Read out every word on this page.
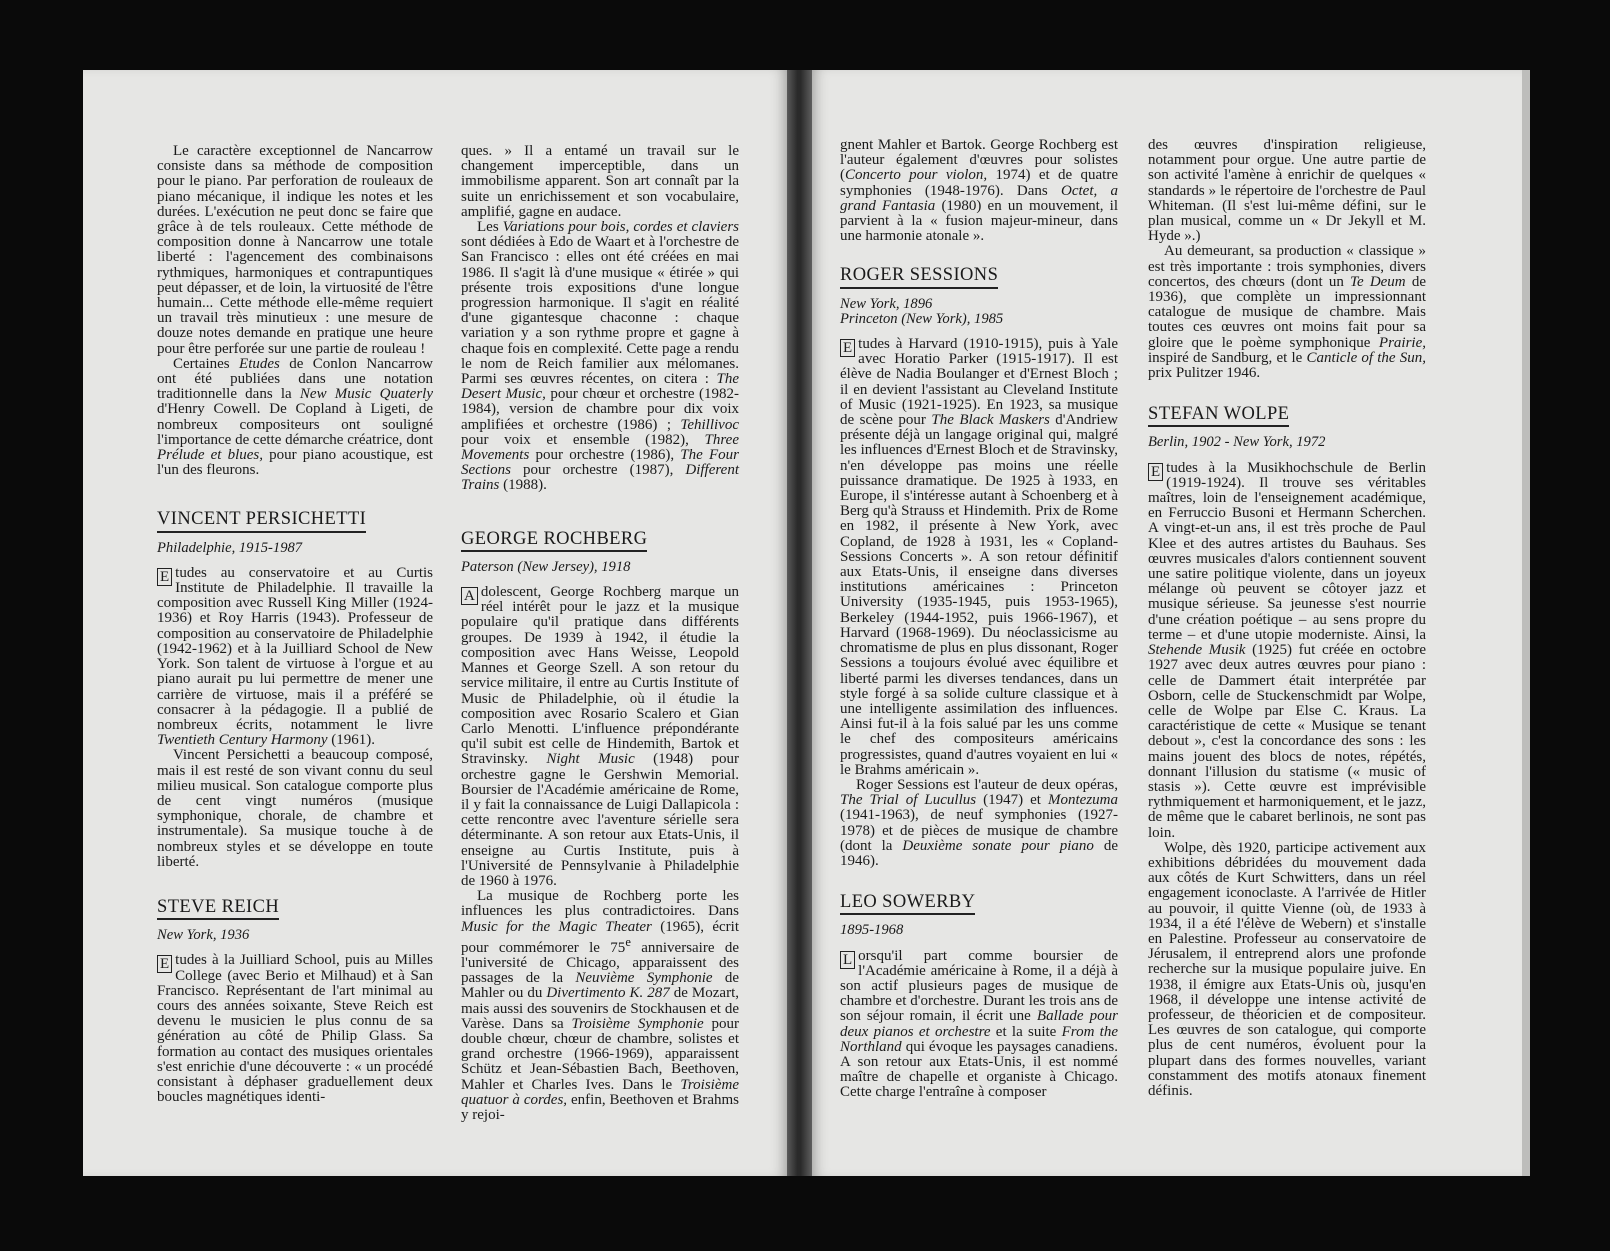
Le caractère exceptionnel de Nancarrow consiste dans sa méthode de composition pour le piano. Par perforation de rouleaux de piano mécanique, il indique les notes et les durées. L'exécution ne peut donc se faire que grâce à de tels rouleaux. Cette méthode de composition donne à Nancarrow une totale liberté : l'agencement des combinaisons rythmiques, harmoniques et contrapuntiques peut dépasser, et de loin, la virtuosité de l'être humain... Cette méthode elle-même requiert un travail très minutieux : une mesure de douze notes demande en pratique une heure pour être perforée sur une partie de rouleau !

Certaines Etudes de Conlon Nancarrow ont été publiées dans une notation traditionnelle dans la New Music Quaterly d'Henry Cowell. De Copland à Ligeti, de nombreux compositeurs ont souligné l'importance de cette démarche créatrice, dont Prélude et blues, pour piano acoustique, est l'un des fleurons.

VINCENT PERSICHETTI
Philadelphie, 1915-1987

E tudes au conservatoire et au Curtis Institute de Philadelphie. Il travaille la composition avec Russell King Miller (1924-1936) et Roy Harris (1943). Professeur de composition au conservatoire de Philadelphie (1942-1962) et à la Juilliard School de New York. Son talent de virtuose à l'orgue et au piano aurait pu lui permettre de mener une carrière de virtuose, mais il a préféré se consacrer à la pédagogie. Il a publié de nombreux écrits, notamment le livre Twentieth Century Harmony (1961).

Vincent Persichetti a beaucoup composé, mais il est resté de son vivant connu du seul milieu musical. Son catalogue comporte plus de cent vingt numéros (musique symphonique, chorale, de chambre et instrumentale). Sa musique touche à de nombreux styles et se développe en toute liberté.

STEVE REICH
New York, 1936

E tudes à la Juilliard School, puis au Milles College (avec Berio et Milhaud) et à San Francisco. Représentant de l'art minimal au cours des années soixante, Steve Reich est devenu le musicien le plus connu de sa génération au côté de Philip Glass. Sa formation au contact des musiques orientales s'est enrichie d'une découverte : « un procédé consistant à déphaser graduellement deux boucles magnétiques identi-

ques. » Il a entamé un travail sur le changement imperceptible, dans un immobilisme apparent. Son art connaît par la suite un enrichissement et son vocabulaire, amplifié, gagne en audace.

Les Variations pour bois, cordes et claviers sont dédiées à Edo de Waart et à l'orchestre de San Francisco : elles ont été créées en mai 1986. Il s'agit là d'une musique « étirée » qui présente trois expositions d'une longue progression harmonique. Il s'agit en réalité d'une gigantesque chaconne : chaque variation y a son rythme propre et gagne à chaque fois en complexité. Cette page a rendu le nom de Reich familier aux mélomanes. Parmi ses œuvres récentes, on citera : The Desert Music, pour chœur et orchestre (1982-1984), version de chambre pour dix voix amplifiées et orchestre (1986) ; Tehillivoc pour voix et ensemble (1982), Three Movements pour orchestre (1986), The Four Sections pour orchestre (1987), Different Trains (1988).

GEORGE ROCHBERG
Paterson (New Jersey), 1918

A dolescent, George Rochberg marque un réel intérêt pour le jazz et la musique populaire qu'il pratique dans différents groupes. De 1939 à 1942, il étudie la composition avec Hans Weisse, Leopold Mannes et George Szell. A son retour du service militaire, il entre au Curtis Institute of Music de Philadelphie, où il étudie la composition avec Rosario Scalero et Gian Carlo Menotti. L'influence prépondérante qu'il subit est celle de Hindemith, Bartok et Stravinsky. Night Music (1948) pour orchestre gagne le Gershwin Memorial. Boursier de l'Académie américaine de Rome, il y fait la connaissance de Luigi Dallapicola : cette rencontre avec l'aventure sérielle sera déterminante. A son retour aux Etats-Unis, il enseigne au Curtis Institute, puis à l'Université de Pennsylvanie à Philadelphie de 1960 à 1976.

La musique de Rochberg porte les influences les plus contradictoires. Dans Music for the Magic Theater (1965), écrit pour commémorer le 75e anniversaire de l'université de Chicago, apparaissent des passages de la Neuvième Symphonie de Mahler ou du Divertimento K. 287 de Mozart, mais aussi des souvenirs de Stockhausen et de Varèse. Dans sa Troisième Symphonie pour double chœur, chœur de chambre, solistes et grand orchestre (1966-1969), apparaissent Schütz et Jean-Sébastien Bach, Beethoven, Mahler et Charles Ives. Dans le Troisième quatuor à cordes, enfin, Beethoven et Brahms y rejoi-

gnent Mahler et Bartok. George Rochberg est l'auteur également d'œuvres pour solistes (Concerto pour violon, 1974) et de quatre symphonies (1948-1976). Dans Octet, a grand Fantasia (1980) en un mouvement, il parvient à la « fusion majeur-mineur, dans une harmonie atonale ».

ROGER SESSIONS
New York, 1896
Princeton (New York), 1985

E tudes à Harvard (1910-1915), puis à Yale avec Horatio Parker (1915-1917). Il est élève de Nadia Boulanger et d'Ernest Bloch ; il en devient l'assistant au Cleveland Institute of Music (1921-1925). En 1923, sa musique de scène pour The Black Maskers d'Andriew présente déjà un langage original qui, malgré les influences d'Ernest Bloch et de Stravinsky, n'en développe pas moins une réelle puissance dramatique. De 1925 à 1933, en Europe, il s'intéresse autant à Schoenberg et à Berg qu'à Strauss et Hindemith. Prix de Rome en 1982, il présente à New York, avec Copland, de 1928 à 1931, les « Copland-Sessions Concerts ». A son retour définitif aux Etats-Unis, il enseigne dans diverses institutions américaines : Princeton University (1935-1945, puis 1953-1965), Berkeley (1944-1952, puis 1966-1967), et Harvard (1968-1969). Du néoclassicisme au chromatisme de plus en plus dissonant, Roger Sessions a toujours évolué avec équilibre et liberté parmi les diverses tendances, dans un style forgé à sa solide culture classique et à une intelligente assimilation des influences. Ainsi fut-il à la fois salué par les uns comme le chef des compositeurs américains progressistes, quand d'autres voyaient en lui « le Brahms américain ».

Roger Sessions est l'auteur de deux opéras, The Trial of Lucullus (1947) et Montezuma (1941-1963), de neuf symphonies (1927-1978) et de pièces de musique de chambre (dont la Deuxième sonate pour piano de 1946).

LEO SOWERBY
1895-1968

L orsqu'il part comme boursier de l'Académie américaine à Rome, il a déjà à son actif plusieurs pages de musique de chambre et d'orchestre. Durant les trois ans de son séjour romain, il écrit une Ballade pour deux pianos et orchestre et la suite From the Northland qui évoque les paysages canadiens. A son retour aux Etats-Unis, il est nommé maître de chapelle et organiste à Chicago. Cette charge l'entraîne à composer

des œuvres d'inspiration religieuse, notamment pour orgue. Une autre partie de son activité l'amène à enrichir de quelques « standards » le répertoire de l'orchestre de Paul Whiteman. (Il s'est lui-même défini, sur le plan musical, comme un « Dr Jekyll et M. Hyde ».)

Au demeurant, sa production « classique » est très importante : trois symphonies, divers concertos, des chœurs (dont un Te Deum de 1936), que complète un impressionnant catalogue de musique de chambre. Mais toutes ces œuvres ont moins fait pour sa gloire que le poème symphonique Prairie, inspiré de Sandburg, et le Canticle of the Sun, prix Pulitzer 1946.

STEFAN WOLPE
Berlin, 1902 - New York, 1972

E tudes à la Musikhochschule de Berlin (1919-1924). Il trouve ses véritables maîtres, loin de l'enseignement académique, en Ferruccio Busoni et Hermann Scherchen. A vingt-et-un ans, il est très proche de Paul Klee et des autres artistes du Bauhaus. Ses œuvres musicales d'alors contiennent souvent une satire politique violente, dans un joyeux mélange où peuvent se côtoyer jazz et musique sérieuse. Sa jeunesse s'est nourrie d'une création poétique – au sens propre du terme – et d'une utopie moderniste. Ainsi, la Stehende Musik (1925) fut créée en octobre 1927 avec deux autres œuvres pour piano : celle de Dammert était interprétée par Osborn, celle de Stuckenschmidt par Wolpe, celle de Wolpe par Else C. Kraus. La caractéristique de cette « Musique se tenant debout », c'est la concordance des sons : les mains jouent des blocs de notes, répétés, donnant l'illusion du statisme (« music of stasis »). Cette œuvre est imprévisible rythmiquement et harmoniquement, et le jazz, de même que le cabaret berlinois, ne sont pas loin.

Wolpe, dès 1920, participe activement aux exhibitions débridées du mouvement dada aux côtés de Kurt Schwitters, dans un réel engagement iconoclaste. A l'arrivée de Hitler au pouvoir, il quitte Vienne (où, de 1933 à 1934, il a été l'élève de Webern) et s'installe en Palestine. Professeur au conservatoire de Jérusalem, il entreprend alors une profonde recherche sur la musique populaire juive. En 1938, il émigre aux Etats-Unis où, jusqu'en 1968, il développe une intense activité de professeur, de théoricien et de compositeur. Les œuvres de son catalogue, qui comporte plus de cent numéros, évoluent pour la plupart dans des formes nouvelles, variant constamment des motifs atonaux finement définis.
